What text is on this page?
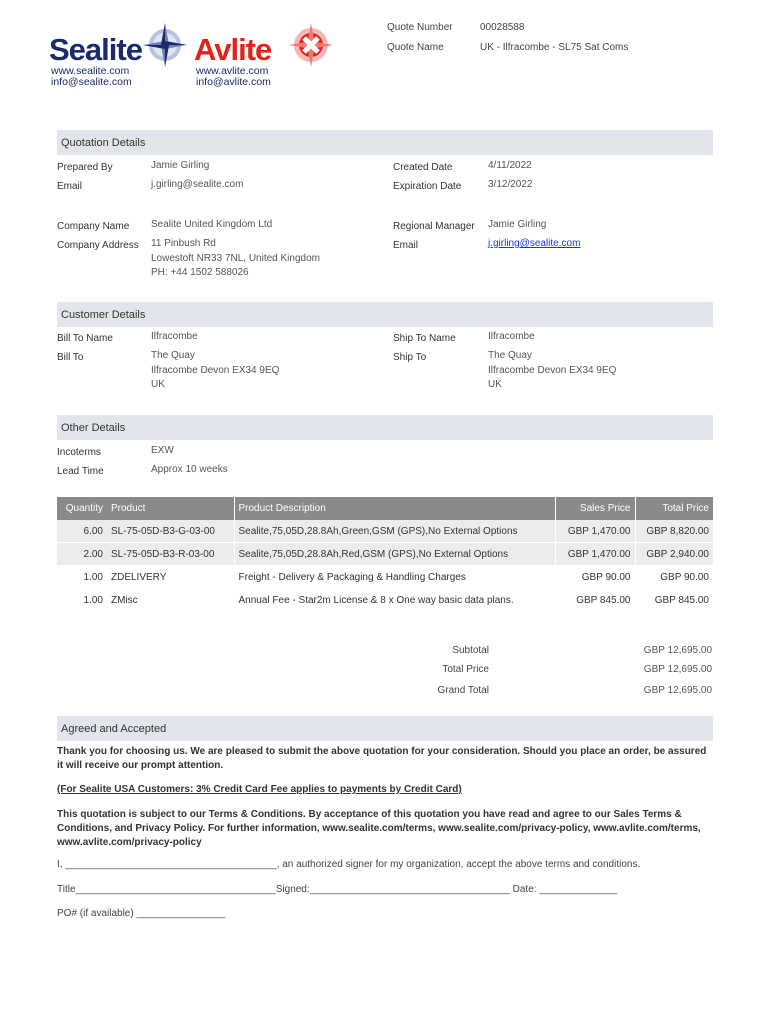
Sealite
www.sealite.com
info@sealite.com
Avlite
www.avlite.com
info@avlite.com
Quote Number	00028588
Quote Name	UK - Ilfracombe - SL75 Sat Coms
Quotation Details
Prepared By	Jamie Girling
Email	j.girling@sealite.com
Created Date	4/11/2022
Expiration Date	3/12/2022
Company Name Sealite United Kingdom Ltd
Company Address 11 Pinbush Rd
Lowestoft NR33 7NL, United Kingdom
PH: +44 1502 588026
Regional Manager Jamie Girling
Email	j.girling@sealite.com
Customer Details
Bill To Name	Ilfracombe
Bill To	The Quay
Ilfracombe Devon EX34 9EQ
UK
Ship To Name	Ilfracombe
Ship To	The Quay
Ilfracombe Devon EX34 9EQ
UK
Other Details
Incoterms	EXW
Lead Time	Approx 10 weeks
Quantity	Product	Product Description	Sales Price	Total Price
6.00	SL-75-05D-B3-G-03-00	Sealite,75,05D,28.8Ah,Green,GSM (GPS),No External Options	GBP 1,470.00	GBP 8,820.00
2.00	SL-75-05D-B3-R-03-00	Sealite,75,05D,28.8Ah,Red,GSM (GPS),No External Options	GBP 1,470.00	GBP 2,940.00
1.00	ZDELIVERY	Freight - Delivery & Packaging & Handling Charges	GBP 90.00	GBP 90.00
1.00	ZMisc	Annual Fee - Star2m License & 8 x One way basic data plans.	GBP 845.00	GBP 845.00
Subtotal	GBP 12,695.00
Total Price	GBP 12,695.00
Grand Total	GBP 12,695.00
Agreed and Accepted
Thank you for choosing us. We are pleased to submit the above quotation for your consideration. Should you place an order, be assured it will receive our prompt attention.
(For Sealite USA Customers: 3% Credit Card Fee applies to payments by Credit Card)
This quotation is subject to our Terms & Conditions. By acceptance of this quotation you have read and agree to our Sales Terms & Conditions, and Privacy Policy. For further information, www.sealite.com/terms, www.sealite.com/privacy-policy, www.avlite.com/terms, www.avlite.com/privacy-policy
I, ______________________________________, an authorized signer for my organization, accept the above terms and conditions.
Title____________________________________Signed:____________________________________ Date: ______________
PO# (if available) ________________
